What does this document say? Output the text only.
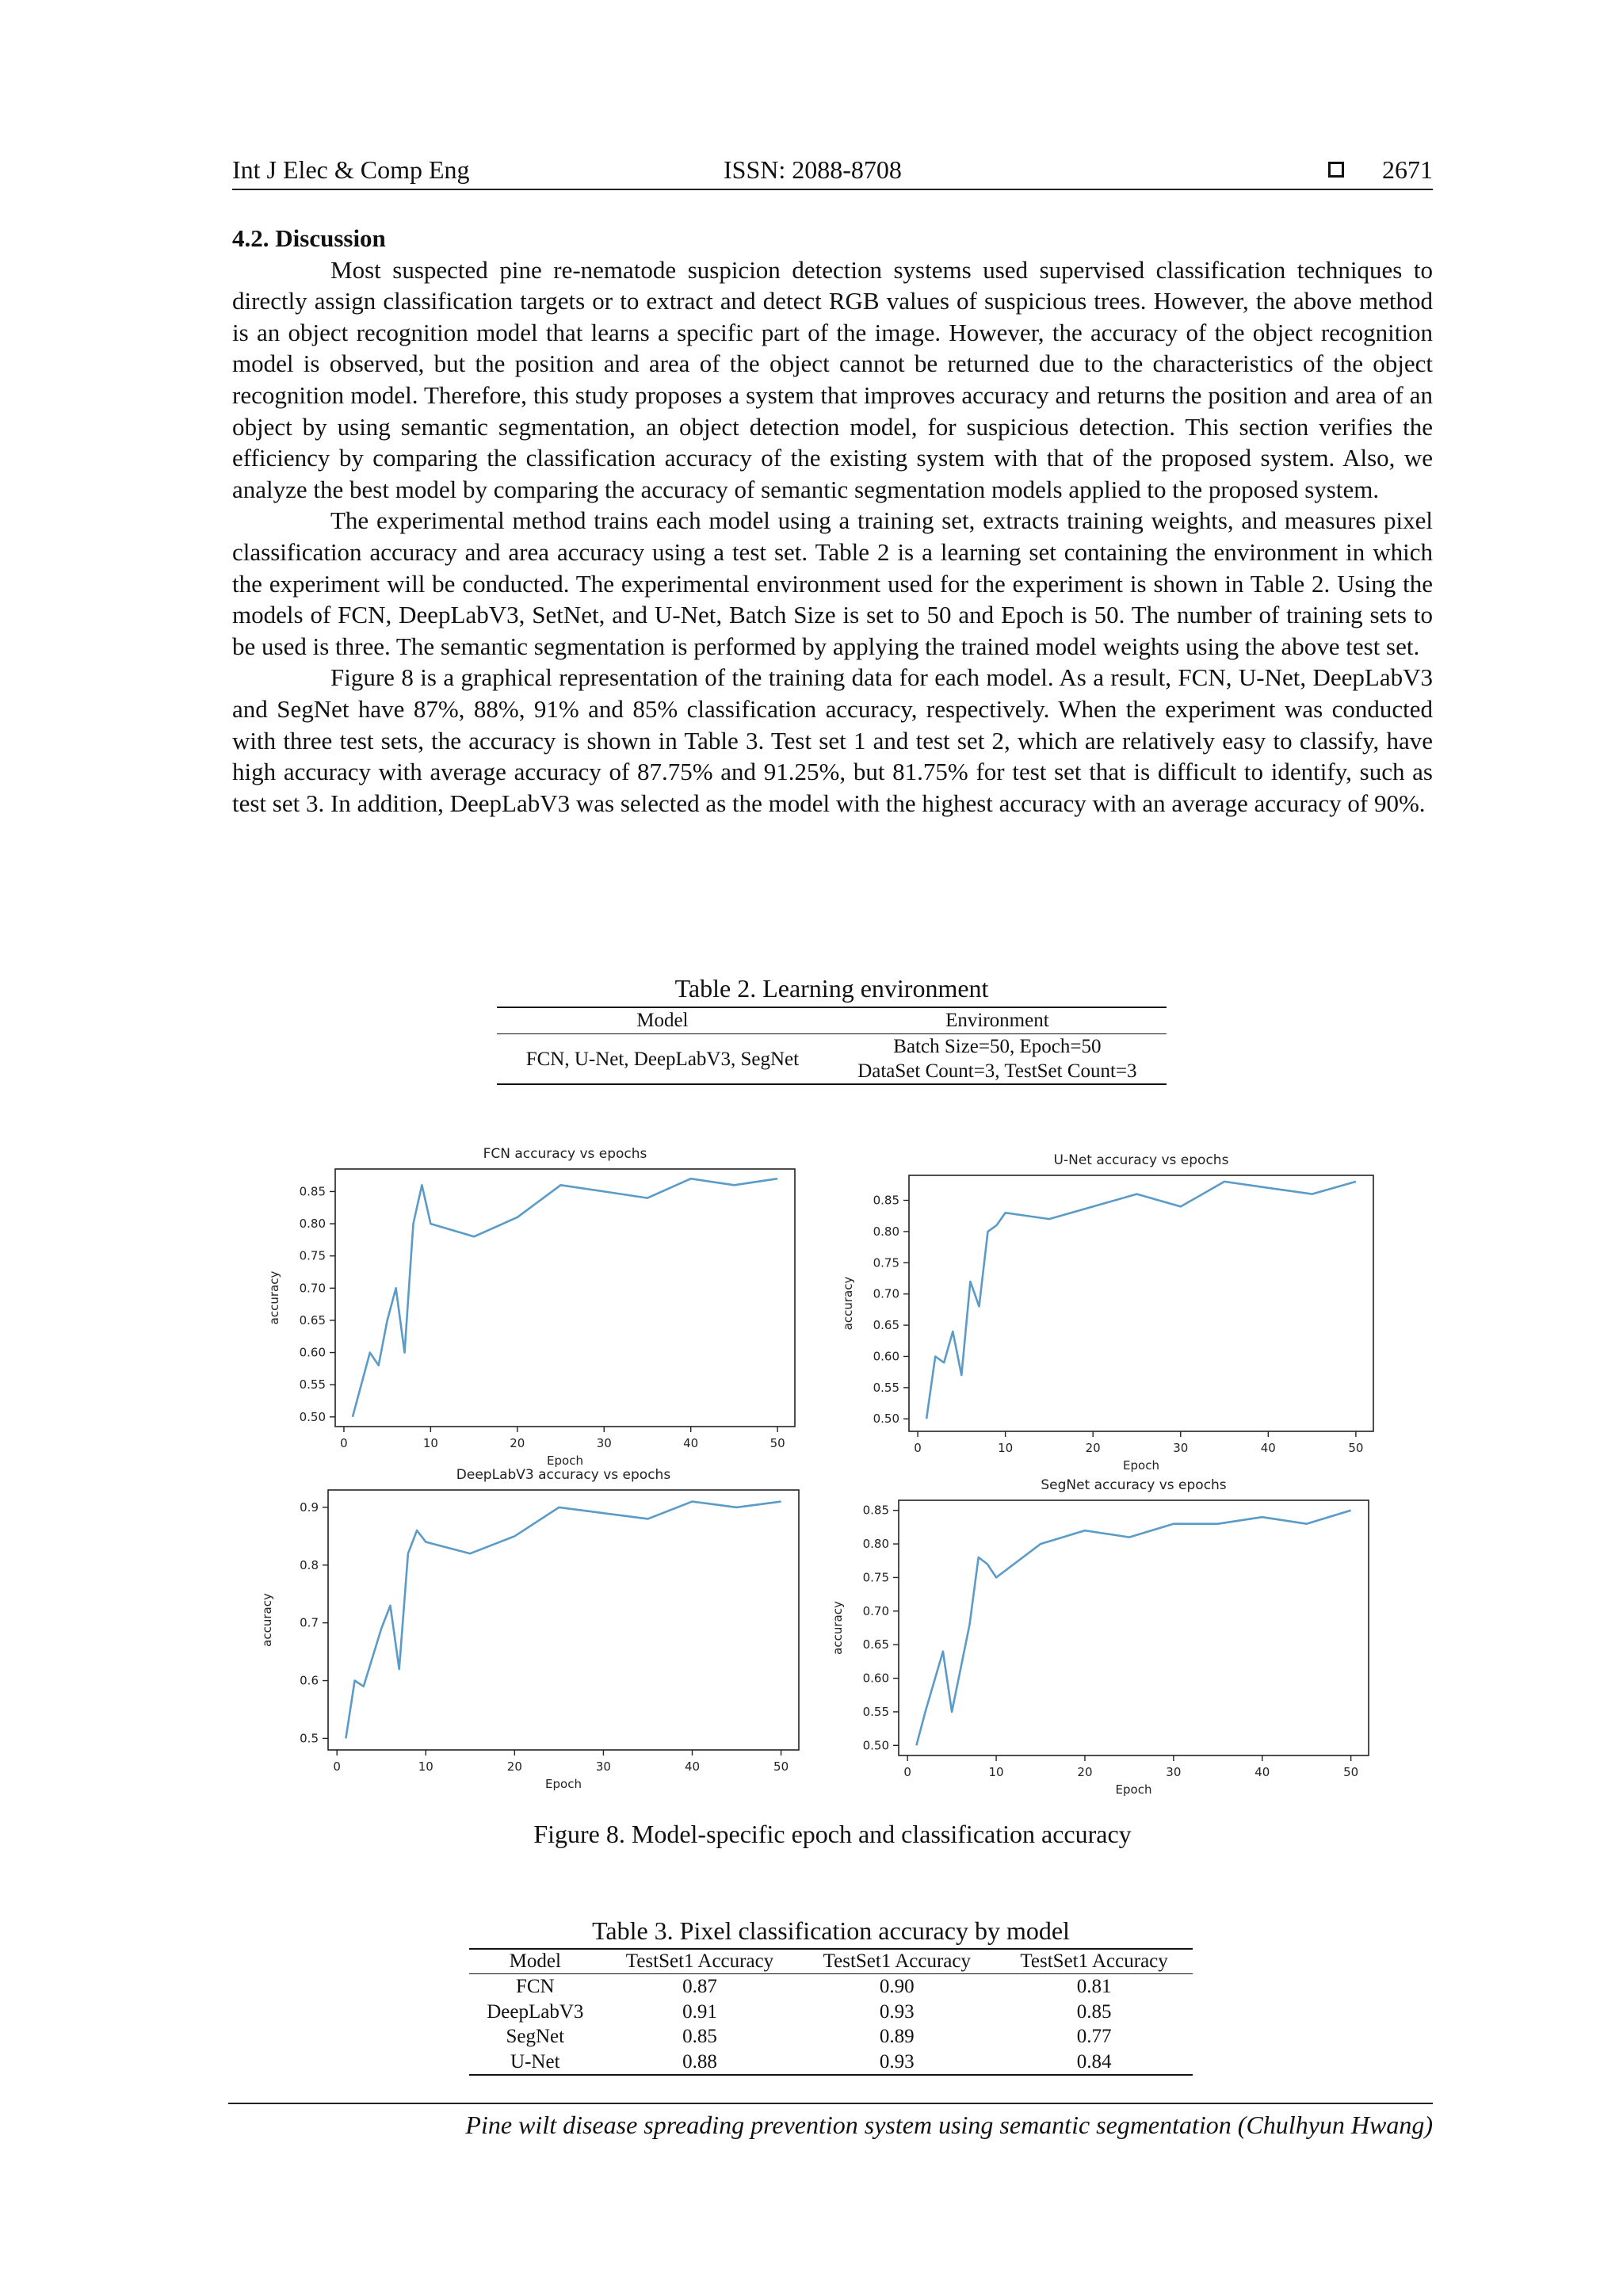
Int J Elec & Comp Eng	ISSN: 2088-8708	2671
4.2. Discussion

Most suspected pine re-nematode suspicion detection systems used supervised classification techniques to directly assign classification targets or to extract and detect RGB values of suspicious trees. However, the above method is an object recognition model that learns a specific part of the image. However, the accuracy of the object recognition model is observed, but the position and area of the object cannot be returned due to the characteristics of the object recognition model. Therefore, this study proposes a system that improves accuracy and returns the position and area of an object by using semantic segmentation, an object detection model, for suspicious detection. This section verifies the efficiency by comparing the classification accuracy of the existing system with that of the proposed system. Also, we analyze the best model by comparing the accuracy of semantic segmentation models applied to the proposed system.

The experimental method trains each model using a training set, extracts training weights, and measures pixel classification accuracy and area accuracy using a test set. Table 2 is a learning set containing the environment in which the experiment will be conducted. The experimental environment used for the experiment is shown in Table 2. Using the models of FCN, DeepLabV3, SetNet, and U-Net, Batch Size is set to 50 and Epoch is 50. The number of training sets to be used is three. The semantic segmentation is performed by applying the trained model weights using the above test set.

Figure 8 is a graphical representation of the training data for each model. As a result, FCN, U-Net, DeepLabV3 and SegNet have 87%, 88%, 91% and 85% classification accuracy, respectively. When the experiment was conducted with three test sets, the accuracy is shown in Table 3. Test set 1 and test set 2, which are relatively easy to classify, have high accuracy with average accuracy of 87.75% and 91.25%, but 81.75% for test set that is difficult to identify, such as test set 3. In addition, DeepLabV3 was selected as the model with the highest accuracy with an average accuracy of 90%.

Table 2. Learning environment
Model	Environment
FCN, U-Net, DeepLabV3, SegNet	Batch Size=50, Epoch=50
DataSet Count=3, TestSet Count=3
FCN accuracy vs epochs
0	10	20	30	40	50
0.50
0.55
0.60
0.65
0.70
0.75
0.80
0.85
Epoch
accuracy
U-Net accuracy vs epochs
0	10	20	30	40	50
0.50
0.55
0.60
0.65
0.70
0.75
0.80
0.85
Epoch
accuracy
DeepLabV3 accuracy vs epochs
0	10	20	30	40	50
0.5
0.6
0.7
0.8
0.9
Epoch
accuracy
SegNet accuracy vs epochs
0	10	20	30	40	50
0.50
0.55
0.60
0.65
0.70
0.75
0.80
0.85
Epoch
accuracy
Figure 8. Model-specific epoch and classification accuracy
Table 3. Pixel classification accuracy by model
Model	TestSet1 Accuracy	TestSet1 Accuracy	TestSet1 Accuracy
FCN	0.87	0.90	0.81
DeepLabV3	0.91	0.93	0.85
SegNet	0.85	0.89	0.77
U-Net	0.88	0.93	0.84
Pine wilt disease spreading prevention system using semantic segmentation (Chulhyun Hwang)
